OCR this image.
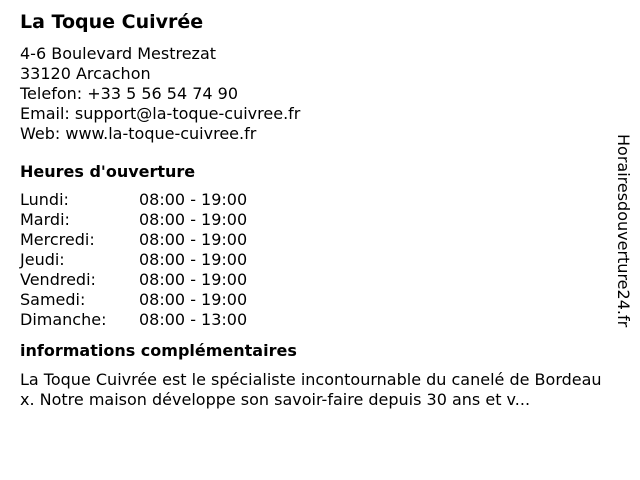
La Toque Cuivrée
4-6 Boulevard Mestrezat
33120 Arcachon
Telefon: +33 5 56 54 74 90
Email: support@la-toque-cuivree.fr
Web: www.la-toque-cuivree.fr
Heures d'ouverture
Lundi:	08:00 - 19:00
Mardi:	08:00 - 19:00
Mercredi:	08:00 - 19:00
Jeudi:	08:00 - 19:00
Vendredi:	08:00 - 19:00
Samedi:	08:00 - 19:00
Dimanche:	08:00 - 13:00
informations complémentaires

La Toque Cuivrée est le spécialiste incontournable du canelé de Bordeaux. Notre maison développe son savoir-faire depuis 30 ans et v...

Horairesdouverture24.fr
